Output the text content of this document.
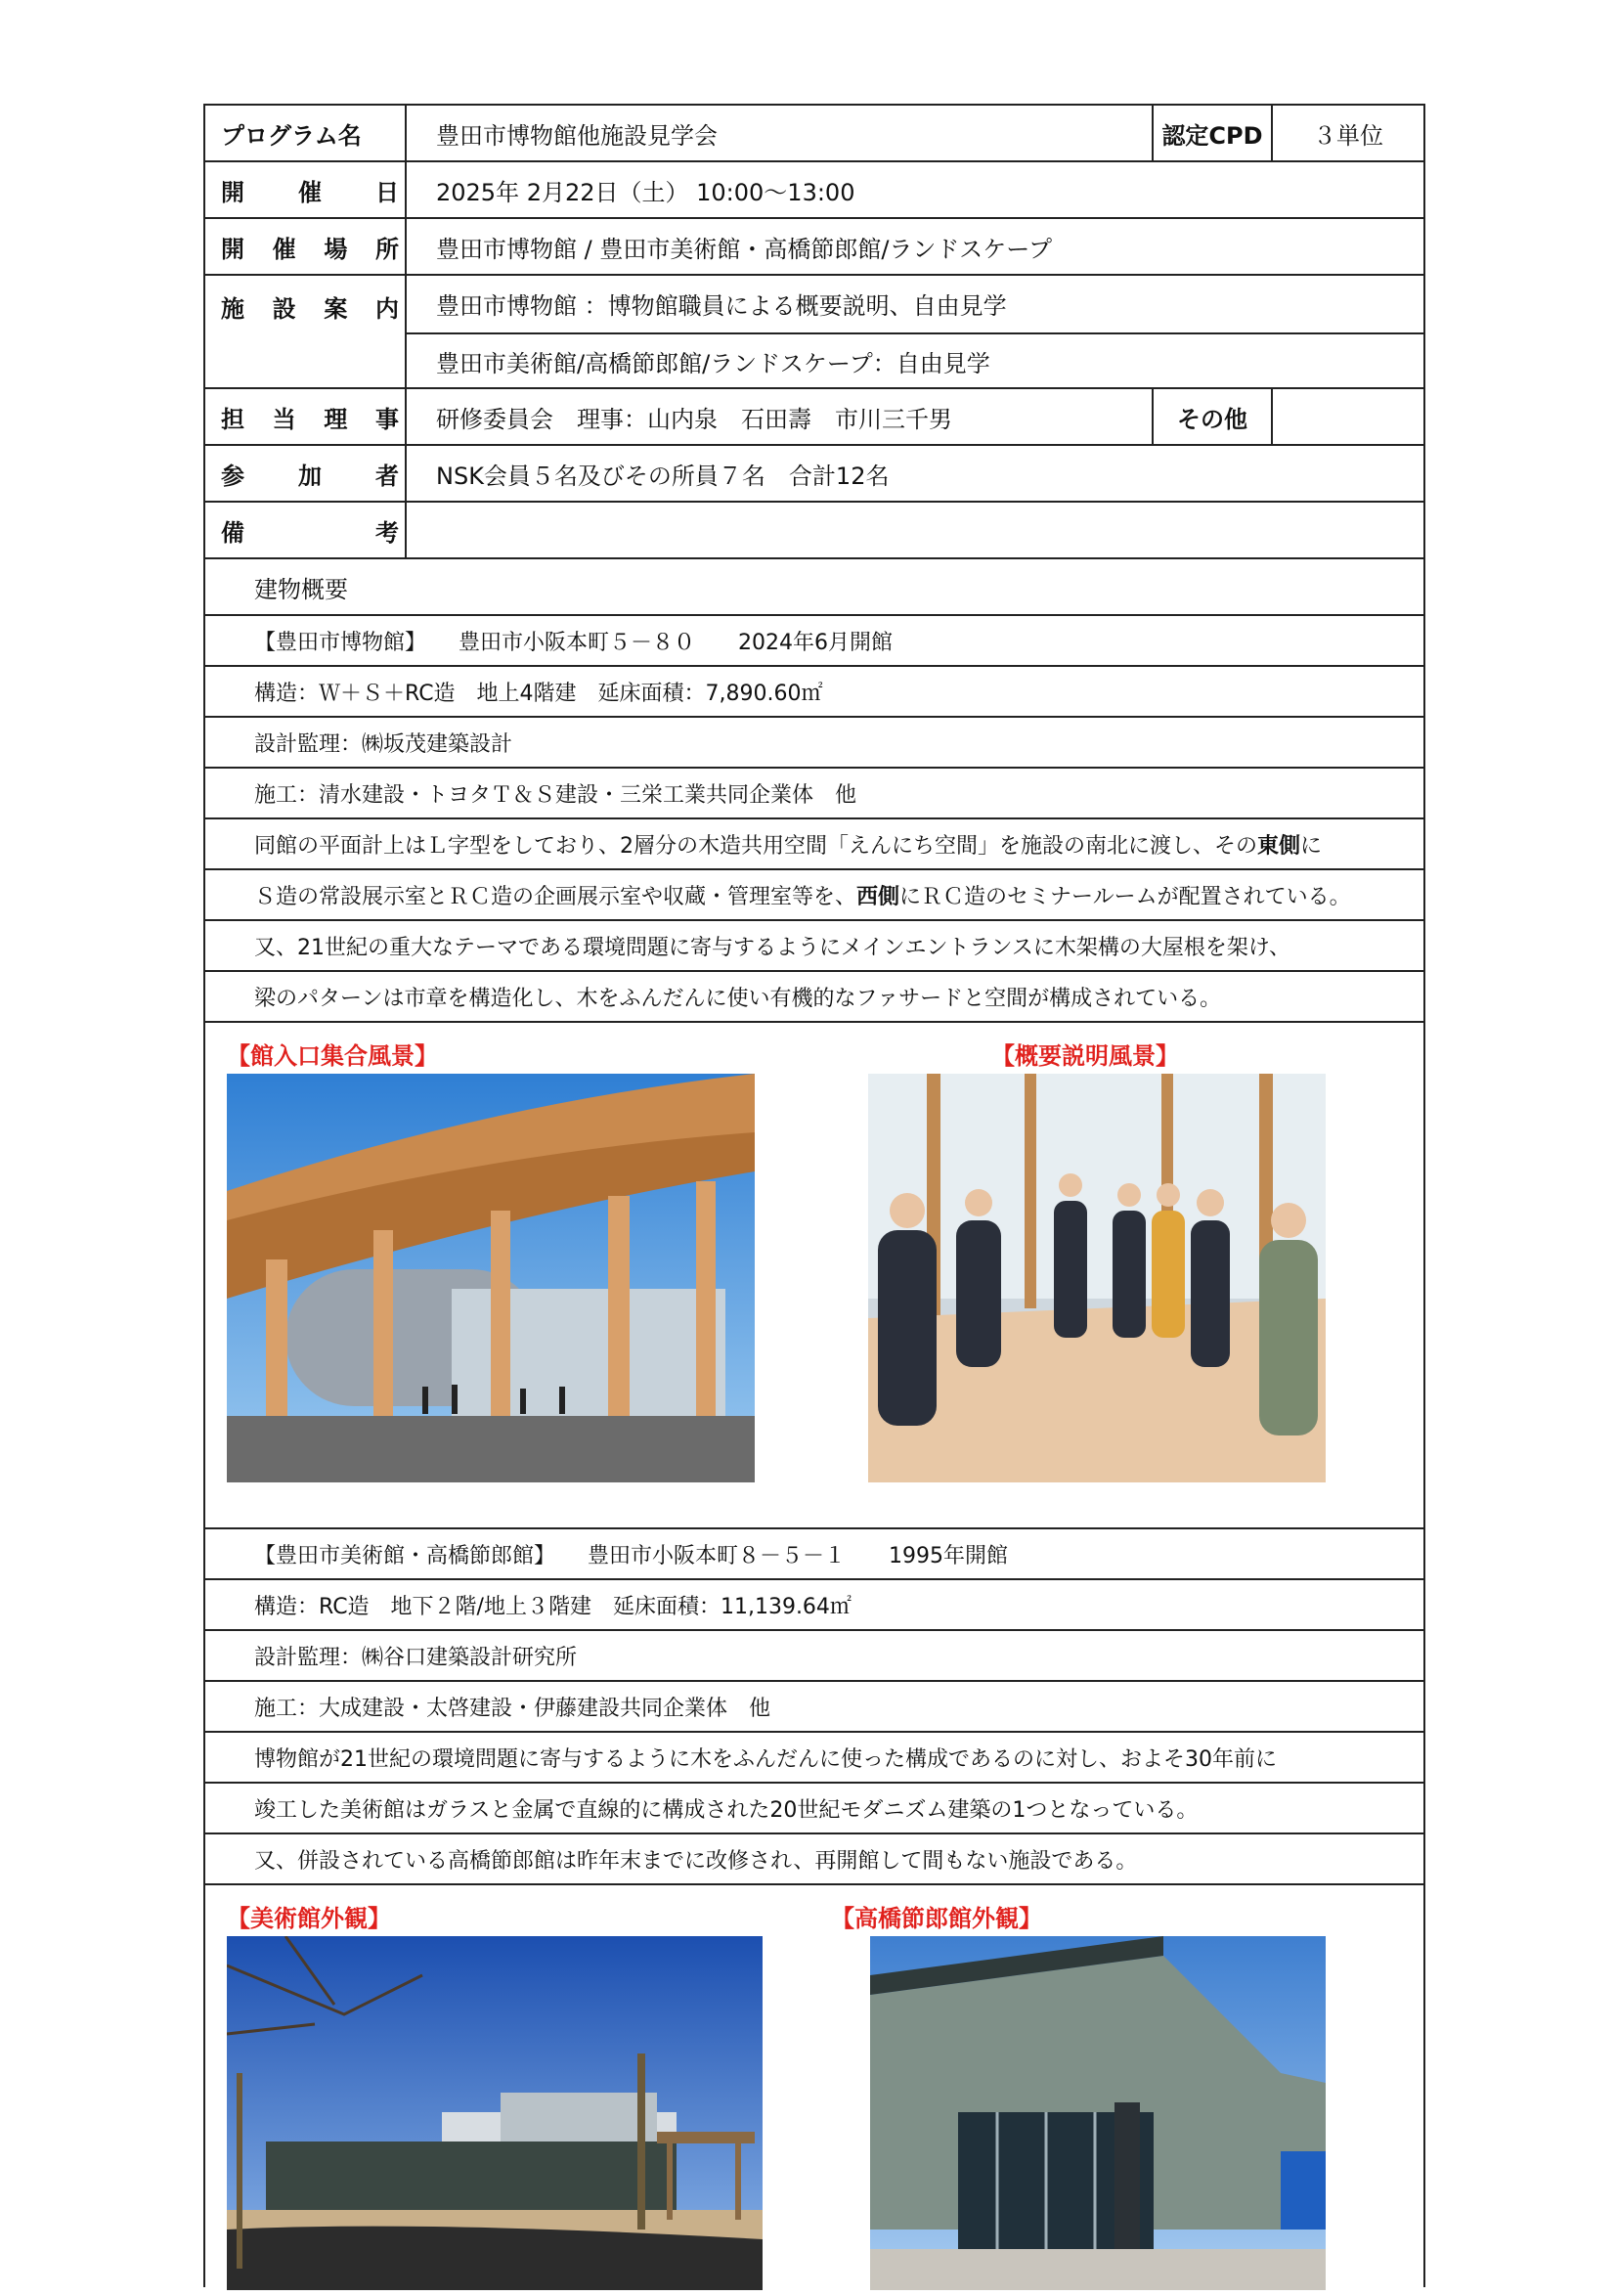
プログラム名	豊田市博物館他施設見学会	認定CPD	３単位
開 催 日	2025年 2月22日（土） 10:00～13:00
開 催 場 所	豊田市博物館 / 豊田市美術館・高橋節郎館/ランドスケープ
施 設 案 内	豊田市博物館 ：博物館職員による概要説明、自由見学
豊田市美術館/高橋節郎館/ランドスケープ：自由見学
担 当 理 事	研修委員会　理事：山内泉　石田壽　市川三千男	その他
参 加 者	NSK会員５名及びその所員７名　合計12名
備	考
建物概要
【豊田市博物館】　　豊田市小阪本町５－８０　　2024年6月開館
構造：Ｗ＋Ｓ＋RC造　地上4階建　延床面積：7,890.60㎡
設計監理：㈱坂茂建築設計
施工：清水建設・トヨタＴ＆Ｓ建設・三栄工業共同企業体　他
同館の平面計上はＬ字型をしており、2層分の木造共用空間「えんにち空間」を施設の南北に渡し、その 東側 に
Ｓ造の常設展示室とＲＣ造の企画展示室や収蔵・管理室等を、 西側 にＲＣ造のセミナールームが配置されている。
又、21世紀の重大なテーマである環境問題に寄与するようにメインエントランスに木架構の大屋根を架け、
梁のパターンは市章を構造化し、木をふんだんに使い有機的なファサードと空間が構成されている。
【館入口集合風景】	【概要説明風景】
【豊田市美術館・高橋節郎館】　　豊田市小阪本町８－５－１　　1995年開館
構造：RC造　地下２階/地上３階建　延床面積：11,139.64㎡
設計監理：㈱谷口建築設計研究所
施工：大成建設・太啓建設・伊藤建設共同企業体　他
博物館が21世紀の環境問題に寄与するように木をふんだんに使った構成であるのに対し、およそ30年前に
竣工した美術館はガラスと金属で直線的に構成された20世紀モダニズム建築の1つとなっている。
又、併設されている高橋節郎館は昨年末までに改修され、再開館して間もない施設である。
【美術館外観】	【高橋節郎館外観】
